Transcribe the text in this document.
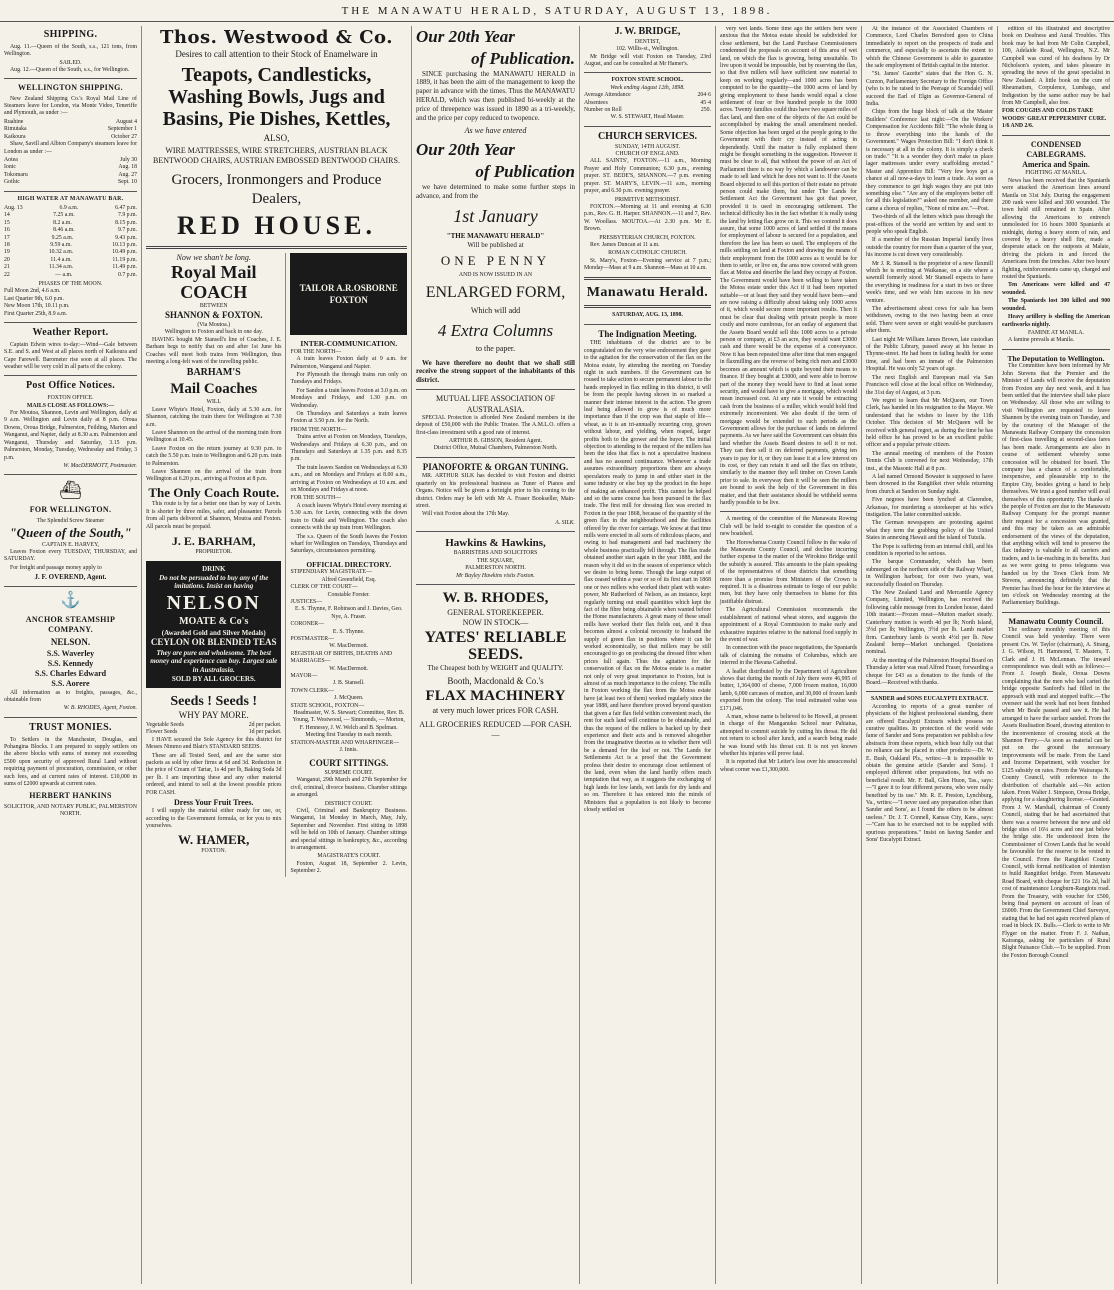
THE MANAWATU HERALD, SATURDAY, AUGUST 13, 1898.
SHIPPING.

Aug. 11.—Queen of the South, s.s., 121 tons, from Wellington.

SAILED.

Aug. 12.—Queen of the South, s.s., for Wellington.

WELLINGTON SHIPPING.

New Zealand Shipping Co.'s Royal Mail Line of Steamers leave for London, via Monte Video, Teneriffe and Plymouth, as under :—

Ruahine	August 4
Rimutaka	September 1
Kaikoura	October 27

Shaw, Savill and Albion Company's steamers leave for London as under :—

Aotea	July 30
Ionic	Aug. 18
Tokomaru	Aug. 27
Gothic	Sept. 10
HIGH WATER AT MANAWATU BAR.
Aug. 13	6.9 a.m.	6.47 p.m.
14	7.25 a.m.	7.9 p.m.
15	8.2 a.m.	8.15 p.m.
16	8.46 a.m.	9.7 p.m.
17	9.25 a.m.	9.43 p.m.
18	9.59 a.m.	10.13 p.m.
19	10.32 a.m.	10.49 p.m.
20	11.4 a.m.	11.19 p.m.
21	11.34 a.m.	11.49 p.m.
22	— a.m.	0.7 p.m.
PHASES OF THE MOON.
Full Moon 2nd, 4.6 a.m.
Last Quarter 9th, 6.0 p.m.
New Moon 17th, 10.11 p.m.
First Quarter 25th, 8.9 a.m.
Weather Report.

Captain Edwin wires to-day:—Wind—Gale between S.E. and S. and West at all places north of Kaikoura and Cape Farewell. Barometer rise soon at all places. The weather will be very cold in all parts of the colony.

Post Office Notices.
FOXTON OFFICE.
MAILS CLOSE AS FOLLOWS:—

For Moutoa, Shannon, Levin and Wellington, daily at 9 a.m. Wellington and Levin daily at 8 p.m. Oroua Downs, Oroua Bridge, Palmerston, Feilding, Marton and Wanganui, and Napier, daily at 8.30 a.m. Palmerston and Wanganui, Thursday and Saturday, 3.15 p.m. Palmerston, Monday, Tuesday, Wednesday and Friday, 3 p.m.

W. MacDERMOTT, Postmaster.
⛴
FOR WELLINGTON.
The Splendid Screw Steamer
"Queen of the South,"
CAPTAIN E. HARVEY,

Leaves Foxton every TUESDAY, THURSDAY, and SATURDAY.

For freight and passage money apply to

J. F. OVEREND, Agent.
⚓
ANCHOR STEAMSHIP COMPANY.
NELSON.
S.S. Waverley
S.S. Kennedy
S.S. Charles Edward
S.S. Aorere

All information as to freights, passages, &c., obtainable from

W. B. RHODES, Agent, Foxton.
TRUST MONIES.

To Settlers in the Manchester, Douglas, and Pohangina Blocks. I am prepared to supply settlers on the above blocks with sums of money not exceeding £500 upon security of approved Rural Land without requiring payment of procuration, commission, or other such fees, and at current rates of interest. £10,000 in sums of £2000 upwards at current rates.

HERBERT HANKINS
SOLICITOR, AND NOTARY PUBLIC, PALMERSTON NORTH.
Thos. Westwood & Co.
Desires to call attention to their Stock of Enamelware in
Teapots, Candlesticks, Washing Bowls, Jugs and Basins, Pie Dishes, Kettles,
ALSO,
WIRE MATTRESSES, WIRE STRETCHERS, AUSTRIAN BLACK BENTWOOD CHAIRS, AUSTRIAN EMBOSSED BENTWOOD CHAIRS.
Grocers, Ironmongers and Produce Dealers,
RED HOUSE.
Now we shan't be long.
Royal Mail COACH
BETWEEN
SHANNON & FOXTON.
(Via Moutoa.)
Wellington to Foxton and back in one day.

HAVING bought Mr Stansell's line of Coaches, J. E. Barham begs to notify that on and after 1st June his Coaches will meet both trains from Wellington, thus meeting a long-felt want of the travelling public.

BARHAM'S
Mail Coaches
WILL

Leave Whyte's Hotel, Foxton, daily at 5.30 a.m. for Shannon, catching the train there for Wellington at 7.30 a.m.

Leave Shannon on the arrival of the morning train from Wellington at 10.45.

Leave Foxton on the return journey at 9.30 p.m. to catch the 5.50 p.m. train to Wellington and 6.20 p.m. train to Palmerston.

Leave Shannon on the arrival of the train from Wellington at 6.20 p.m., arriving at Foxton at 8 p.m.

The Only Coach Route.

This route is by far a better one than by way of Levin. It is shorter by three miles, safer, and pleasanter. Parcels from all parts delivered at Shannon, Moutoa and Foxton. All parcels must be prepaid.

J. E. BARHAM,
PROPRIETOR.
DRINK
Do not be persuaded to buy any of the imitations. Insist on having
NELSON
MOATE & Co's
(Awarded Gold and Silver Medals)
CEYLON OR BLENDED TEAS
They are pure and wholesome. The best money and experience can buy. Largest sale in Australasia.
SOLD BY ALL GROCERS.
Seeds ! Seeds !
WHY PAY MORE.
Vegetable Seeds	2d per packet.
Flower Seeds	1d per packet.

I HAVE secured the Sole Agency for this district for Messrs Nimmo and Blair's STANDARD SEEDS.

These are all Tested Seed, and are the same size packets as sold by other firms at 6d and 3d. Reduction in the price of Cream of Tartar, 1s 4d per lb, Baking Soda 3d per lb. I am importing these and any other material ordered, and intend to sell at the lowest possible prices FOR CASH.

Dress Your Fruit Trees.

I will supply the material either ready for use, or, according to the Government formula, or for you to mix yourselves.

W. HAMER,
FOXTON.
TAILOR A.R.OSBORNE FOXTON
INTER-COMMUNICATION.
FOR THE NORTH—

A train leaves Foxton daily at 9 a.m. for Palmerston, Wanganui and Napier.

For Plymouth the through trains run only on Tuesdays and Fridays.

For Sandon a train leaves Foxton at 3.0 p.m. on Mondays and Fridays, and 1.30 p.m. on Wednesday.

On Thursdays and Saturdays a train leaves Foxton at 3.50 p.m. for the North.

FROM THE NORTH—

Trains arrive at Foxton on Mondays, Tuesdays, Wednesdays and Fridays at 6.30 p.m., and on Thursdays and Saturdays at 1.35 p.m. and 8.35 p.m.

The train leaves Sandon on Wednesdays at 6.30 a.m., and on Mondays and Fridays at 8.00 a.m., arriving at Foxton on Wednesdays at 10 a.m. and on Mondays and Fridays at noon.

FOR THE SOUTH—

A coach leaves Whyte's Hotel every morning at 5.30 a.m. for Levin, connecting with the down train to Otaki and Wellington. The coach also connects with the up train from Wellington.

The s.s. Queen of the South leaves the Foxton wharf for Wellington on Tuesdays, Thursdays and Saturdays, circumstances permitting.

OFFICIAL DIRECTORY.
STIPENDIARY MAGISTRATE—
Alfred Greenfield, Esq.
CLERK OF THE COURT—
Constable Forster.
JUSTICES—
E. S. Thynne, F. Robinson and J. Davies, Geo. Nye, A. Fraser.
CORONER—
E. S. Thynne.
POSTMASTER—
W. MacDermott.
REGISTRAR OF BIRTHS, DEATHS AND MARRIAGES—
W. MacDermott.
MAYOR—
J. B. Stansell.
TOWN CLERK—
J. McQueen.
STATE SCHOOL, FOXTON—
Headmaster, W. S. Stewart; Committee, Rev. B. Young, T. Westwood, — Simmonds, — Morton, F. Hennessy, J. W. Welch and B. Spelman. Meeting first Tuesday in each month.
STATION-MASTER AND WHARFINGER—
J. Innis.
COURT SITTINGS.
SUPREME COURT.

Wanganui, 29th March and 27th September for civil, criminal, divorce business. Chamber sittings as arranged.

DISTRICT COURT.

Civil, Criminal and Bankruptcy Business. Wanganui, 1st Monday in March, May, July, September and November. First sitting in 1898 will be held on 10th of January. Chamber sittings and special sittings in bankruptcy, &c., according to arrangement.

MAGISTRATE'S COURT.

Foxton, August 18, September 2. Levin, September 2.

Our 20th Year
of Publication.

SINCE purchasing the MANAWATU HERALD in 1889, it has been the aim of the management to keep the paper in advance with the times. Thus the MANAWATU HERALD, which was then published bi-weekly at the price of threepence was issued in 1890 as a tri-weekly, and the price per copy reduced to twopence.

As we have entered
Our 20th Year
of Publication

we have determined to make some further steps in advance, and from the

1st January
"THE MANAWATU HERALD"
Will be published at
ONE PENNY
AND IS NOW ISSUED IN AN
ENLARGED FORM,
Which will add
4 Extra Columns
to the paper.

We have therefore no doubt that we shall still receive the strong support of the inhabitants of this district.

MUTUAL LIFE ASSOCIATION OF AUSTRALASIA.

SPECIAL Protection is afforded New Zealand members in the deposit of £50,000 with the Public Trustee. The A.M.L.O. offers a first-class investment with a good rate of interest.

ARTHUR B. GIBSON, Resident Agent.
District Office, Mutual Chambers, Palmerston North.
PIANOFORTE & ORGAN TUNING.

MR. ARTHUR SILK has decided to visit Foxton and district quarterly on his professional business as Tuner of Pianos and Organs. Notice will be given a fortnight prior to his coming to the district. Orders may be left with Mr A. Fraser Bookseller, Main-street.

Will visit Foxton about the 17th May.

A. SILK.
Hawkins & Hawkins,
BARRISTERS AND SOLICITORS
THE SQUARE,
PALMERSTON NORTH.
Mr Bayley Hawkins visits Foxton.
W. B. RHODES,
GENERAL STOREKEEPER.
NOW IN STOCK—
YATES' RELIABLE SEEDS.
The Cheapest both by WEIGHT and QUALITY.
Booth, Macdonald & Co.'s
FLAX MACHINERY
at very much lower prices FOR CASH.
ALL GROCERIES REDUCED —FOR CASH.—
J. W. BRIDGE,
DENTIST,
102. Willis-st., Wellington.

Mr Bridge will visit Foxton on Tuesday, 23rd August, and can be consulted at Mr Hamer's.

FOXTON STATE SCHOOL.
Week ending August 12th, 1898.
Average Attendance	204·6
Absentees	45·4
Number on Roll	250.
W. S. STEWART, Head Master.
CHURCH SERVICES.
SUNDAY, 14TH AUGUST.
CHURCH OF ENGLAND.

ALL SAINTS', FOXTON.—11 a.m., Morning Prayer and Holy Communion; 6.30 p.m., evening prayer. ST. BEDE'S, SHANNON.—7 p.m. evening prayer. ST. MARY'S, LEVIN.—11 a.m., morning prayer, and 6.30 p.m. evening prayer.

PRIMITIVE METHODIST.

FOXTON.—Morning at 11 and evening at 6.30 p.m., Rev. G. H. Harper. SHANNON.—11 and 7, Rev. W. Woollass. MOUTOA.—At 2.30 p.m. Mr E. Brown.

PRESBYTERIAN CHURCH, FOXTON.

Rev. James Duncan at 11 a.m.

ROMAN CATHOLIC CHURCH.

St. Mary's, Foxton—Evening service at 7 p.m.; Monday—Mass at 9 a.m. Shannon—Mass at 10 a.m.

Manawatu Herald.
SATURDAY, AUG. 13, 1898.
The Indignation Meeting.

THE inhabitants of the district are to be congratulated on the very wise endorsement they gave to the agitation for the conservation of the flax on the Motoa estate, by attending the meeting on Tuesday night in such numbers. If the Government can be roused to take action to secure permanent labour to the hands employed in flax milling in this district, it will be from the people having shown in so marked a manner their intense interest in the action. The green leaf being allowed to grow is of much more importance than if the crop was that staple of life—wheat, as it is an tri-annually recurring crop, grown without labour, and yielding, when reaped, larger profits both to the grower and the buyer. The initial objection to attending to the request of the millers has been the idea that flax is not a speculative business and has no assured continuance. Whenever a trade assumes extraordinary proportions there are always speculators ready to jump in and either start in the same industry or else buy up the product in the hope of making an enhanced profit. This cannot be helped and so the same course has been pursued in the flax trade. The first mill for dressing flax was erected in Foxton in the year 1868, because of the quantity of the green flax in the neighbourhood and the facilities offered by the river for carriage. We know at that time mills were erected in all sorts of ridiculous places, and owing to bad management and bad machinery the whole business practically fell through. The flax trade obtained another start again in the year 1888, and the reason why it did so in the season of experience which we desire to bring home. Though the large output of flax ceased within a year or so of its first start in 1868 one or two millers who worked their plant with water-power, Mr Rutherford of Nelson, as an instance, kept regularly turning out small quantities which kept the fact of the fibre being obtainable when wanted before the Home manufacturers. A great many of these small mills have worked their flax fields out, and it thus becomes almost a colonial necessity to husband the supply of green flax in positions where it can be worked economically, so that millers may be still encouraged to go on producing the dressed fibre when prices fall again. Thus the agitation for the conservation of flax on the Motoa estate is a matter not only of very great importance to Foxton, but is almost of as much importance to the colony. The mills in Foxton working the flax from the Motoa estate have (at least two of them) worked regularly since the year 1888, and have therefore proved beyond question that given a fair flax field within convenient reach, the rent for such land will continue to be obtainable, and thus the request of the millers is backed up by their experience and their acts and is removed altogether from the imaginative theories as to whether there will be a demand for the leaf or not. The Lands for Settlements Act is a proof that the Government profess their desire to encourage close settlement of the land, even when the land hardly offers much temptation that way, as it suggests the exchanging of high lands for low lands, wet lands for dry lands and so on. Therefore it has entered into the minds of Ministers that a population is not likely to become closely settled on

very wet lands. Some time ago the settlers here were anxious that the Motoa estate should be subdivided for close settlement, but the Land Purchase Commissioners condemned the proposals on account of this area of wet land, on which the flax is growing, being unsuitable. To live upon it would be impossible, but by reserving the flax, so that five millers will have sufficient raw material to keep on working regularly—and 1000 acres has been computed to be the quantity—the 1000 acres of land by giving employment to these hands would equal a close settlement of four or five hundred people to the 1000 acres. Twenty families could thus have two square miles of flax land, and then one of the objects of the Act could be accomplished by making the small amendment needed. Some objection has been urged at the people going to the Government with their cry instead of acting in dependently. Until the matter is fully explained there might be thought something in the suggestion. However it must be clear to all, that without the power of an Act of Parliament there is no way by which a landowner can be made to sell land which he does not want to. If the Assets Board objected to sell this portion of their estate no private person could make them, but under The Lands for Settlement Act the Government has got that power, provided it is used in encouraging settlement. The technical difficulty lies in the fact whether it is really using the land by letting flax grow on it. This we contend it does assure, that some 1000 acres of land settled if the means for employment of labour is secured for a population, and therefore the law has been so used. The employers of the mills settling on land at Foxton and drawing the means of their employment from the 1000 acres as it would be for them to settle, or live on, the area now covered with green flax at Motoa and describe the land they occupy at Foxton. The Government would have been willing to have taken the Motoa estate under this Act if it had been reported suitable—or at least they said they would have been—and are now raising a difficulty about taking only 1000 acres of it, which would secure more important results. Then it must be clear that dealing with private people is more costly and more cumbrous, for an outlay of argument that the Assets Board would sell this 1000 acres to a private person or company, at £3 an acre, they would want £3000 cash and there would be the expense of a conveyance. Now it has been repeated time after time that men engaged in flaxmilling are the reverse of being rich men and £3000 becomes an amount which is quite beyond their means to finance. If they bought at £3000, and were able to borrow part of the money they would have to find at least some security, and would have to give a mortgage, which would mean increased cost. At any rate it would be extracting cash from the business of a miller, which would hold find extremely inconvenient. We also doubt if the term of mortgage would be extended to such periods as the Government allows for the purchase of lands on deferred payments. As we have said the Government can obtain this land whether the Assets Board desires to sell it or not. They can then sell it on deferred payments, giving ten years to pay for it, or they can lease it at a low interest on its cost, or they can retain it and sell the flax on tribute, similarly to the manner they sell timber on Crown Lands prior to sale. In everyway then it will be seen the millers are bound to seek the help of the Government in this matter, and that their assistance should be withheld seems hardly possible to be live.

A meeting of the committee of the Manawatu Rowing Club will be held to-night to consider the question of a new boatshed.

The Horowhenua County Council follow in the wake of the Manawatu County Council, and decline incurring further expense in the matter of the Wirokino Bridge until the subsidy is assured. This amounts to the plain speaking of the representatives of those districts that something more than a promise from Ministers of the Crown is required. It is a disastrous estimate to forgo of our public men, but they have only themselves to blame for this justifiable distrust.

The Agricultural Commission recommends the establishment of national wheat stores, and suggests the appointment of a Royal Commission to make early and exhaustive inquiries relative to the national food supply in the event of war.

In connection with the peace negotiations, the Spaniards talk of claiming the remains of Columbus, which are interred in the Havana Cathedral.

A leaflet distributed by the Department of Agriculture shows that during the month of July there were 46,995 of butter, 1,364,000 of cheese, 7,000 frozen mutton, 16,000 lamb, 6,000 carcases of mutton, and 30,000 of frozen lamb exported from the colony. The total estimated value was £171,046.

A man, whose name is believed to be Howell, at present in charge of the Manganuku School near Pahiatua, attempted to commit suicide by cutting his throat. He did not return to school after lunch, and a search being made he was found with his throat cut. It is not yet known whether his injuries will prove fatal.

It is reported that Mr Leiter's loss over his unsuccessful wheat corner was £1,300,000.

At the instance of the Associated Chambers of Commerce, Lord Charles Beresford goes to China immediately to report on the prospects of trade and commerce, and especially to ascertain the extent to which the Chinese Government is able to guarantee the safe employment of British capital in the interior.

"St. James' Gazette" states that the Hon G. N. Curzon, Parliamentary Secretary to the Foreign Office (who is to be raised to the Peerage of Scarsdale) will succeed the Earl of Elgin as Governor-General of India.

Chips from the huge block of talk at the Master Builders' Conference last night:—On the Workers' Compensation for Accidents Bill: "The whole thing is to throw everything into the hands of the Government." Wages Protection Bill: "I don't think it is necessary at all in the colony. It is simply a check on trade." "It is a wonder they don't make us place lager mattresses under every scaffolding erected." Master and Apprentice Bill: "Very few boys get a chance at all now-a-days to learn a trade. As soon as they commence to get high wages they are put into something else." "Are any of the employers better off for all this legislation?" asked one member, and there came a chorus of replies, "None of mine are."—Post.

Two-thirds of all the letters which pass through the post-offices of the world are written by and sent to people who speak English.

If a member of the Russian Imperial family lives outside the country for more than a quarter of the year, his income is cut down very considerably.

Mr J. R. Stansell is the proprietor of a new flaxmill which he is erecting at Waikanae, on a site where a sawmill formerly stood. Mr Stansell expects to have the everything in readiness for a start in two or three week's time, and we wish him success in his new venture.

The advertisement about cows for sale has been withdrawn, owing to the two having been at once sold. There were seven or eight would-be purchasers after them.

Last night Mr William James Brown, late custodian of the Public Library, passed away at his house in Thynne-street. He had been in failing health for some time, and had been an inmate of the Palmerston Hospital. He was only 52 years of age.

The next English and European mail via San Francisco will close at the local office on Wednesday, the 31st day of August, at 3 p.m.

We regret to learn that Mr McQueen, our Town Clerk, has handed in his resignation to the Mayor. We understand that he wishes to leave by the 11th October. This decision of Mr McQueen will be received with general regret, as during the time he has held office he has proved to be an excellent public officer and a popular private citizen.

The annual meeting of members of the Foxton Tennis Club is convened for next Wednesday, 17th inst., at the Masonic Hall at 8 p.m.

A lad named Ormond Bowater is supposed to have been drowned in the Rangitikei river while returning from church at Sandon on Sunday night.

Five negroes have been lynched at Clarendon, Arkansas, for murdering a storekeeper at his wife's instigation. The latter committed suicide.

The German newspapers are protesting against what they term the grabbing policy of the United States in annexing Hawaii and the island of Tutuila.

The Pope is suffering from an internal chill, and his condition is reported to be serious.

The barque Commander, which has been submerged on the northern side of the Railway Wharf, in Wellington harbour, for over two years, was successfully floated on Thursday.

The New Zealand Land and Mercantile Agency Company, Limited, Wellington, has received the following cable message from its London house, dated 10th instant:—Frozen meat—Mutton market steady. Canterbury mutton is worth 4d per lb; North Island, 3½d per lb; Wellington, 3½d per lb. Lamb market firm. Canterbury lamb is worth 4½d per lb. New Zealand hemp—Market unchanged. Quotations nominal.

At the meeting of the Palmerston Hospital Board on Thursday a letter was read Alfred Fraser, forwarding a cheque for £43 as a donation to the funds of the Board.—Received with thanks.

SANDER and SONS EUCALYPTI EXTRACT.

According to reports of a great number of physicians of the highest professional standing, there are offered Eucalypti Extracts which possess no curative qualities. In protection of the world wide fame of Sander and Sons preparation we publish a few abstracts from these reports, which bear fully out that no reliance can be placed in other products:—Dr. W. E. Bush, Oakland Pls., writes:—It is impossible to obtain the genuine article (Sander and Sons). I employed different other preparations, but with no beneficial result. Mr. F. Ball, Glen Huon, Tas., says:—"I gave it to four different persons, who were really benefited by its use." Mr. R. E. Preston, Lynchburg, Va., writes:—"I never used any preparation other than Sander and Sons', as I found the others to be almost useless." Dr. J. T. Connell, Kansas City, Kans., says:—"Care has to be exercised not to be supplied with spurious preparations." Insist on having Sander and Sons' Eucalypti Extract.

edition of his illustrated and descriptive book on Deafness and Aural Troubles. This book may be had from Mr Colin Campbell, 100, Adelaide Road, Wellington, N.Z. Mr Campbell was cured of his deafness by Dr Nicholson's system, and takes pleasure in spreading the news of the great specialist in New Zealand. A little book on the cure of Rheumatism, Corpulence, Lumbago, and Indigestion by the same author may be had from Mr Campbell, also free.

FOR COUGHS AND COLDS TAKE WOODS' GREAT PEPPERMINT CURE. 1/6 AND 2/6.
CONDENSED CABLEGRAMS.
America and Spain.
FIGHTING AT MANILA.

News has been received that the Spaniards were attacked the American lines around Manila on 31st July. During the engagement 200 rank were killed and 300 wounded. The town held still remained in Spain. After allowing the Americans to entrench unmolested for 16 hours 3000 Spaniards at midnight, during a heavy storm of rain, and covered by a heavy shell fire, made a desperate attack on the outposts at Malate, driving the pickets in and forced the Americans from the trenches. After two hours' fighting, reinforcements came up, charged and routed the Spaniards.

Ten Americans were killed and 47 wounded.

The Spaniards lost 300 killed and 900 wounded.

Heavy artillery is shelling the American earthworks nightly.

FAMINE AT MANILA.

A famine prevails at Manila.

The Deputation to Wellington.

The Committee have been informed by Mr John Stevens that the Premier and the Minister of Lands will receive the deputation from Foxton any day next week, and it has been settled that the interview shall take place on Wednesday. All those who are willing to visit Wellington are requested to leave Shannon by the evening train on Tuesday, and by the courtesy of the Manager of the Manawatu Railway Company the concession of first-class travelling at second-class fares has been made. Arrangements are also in course of settlement whereby some concession will be obtained for board. The company has a chance of a comfortable, inexpensive, and pleasurable trip to the Empire City, besides giving a hand to help themselves. We trust a good number will avail themselves of this opportunity. The thanks of the people of Foxton are due to the Manawatu Railway Company for the prompt manner their request for a concession was granted, and this may be taken as an admirable endorsement of the views of the deputation, that anything which will tend to preserve the flax industry is valuable to all carriers and traders, and is far-reaching in its benefits. Just as we were going to press telegrams was handed us by the Town Clerk from Mr Stevens, announcing definitely that the Premier has fixed the hour for the interview at ten o'clock on Wednesday morning at the Parliamentary Buildings.

Manawatu County Council.

The ordinary monthly meeting of this Council was held yesterday. There were present Crs. W. Taylor (chairman), A. Strang, J. G. Wilson, H. Hammond, T. Masters, T. Clark and J. H. McLennan. The inward correspondence was dealt with as follows:— From J. Joseph Beale, Oroua Downs complaining that the men who had carted the bridge opposite Sanford's had filled in the approach with mud and stopped traffic.—The overseer said the work had not been finished when Mr Beale passed and saw it. He had arranged to have the surface sanded. From the Assets Realisation Board, drawing attention to the inconvenience of crossing stock at the Shannon Ferry.—As soon as material can be put on the ground the necessary improvements will be made. From the Land and Income Department, with voucher for £125 subsidy on rates. From the Wairarapa N. County Council, with reference to the distribution of charitable aid.—No action taken. From Walter J. Simpson, Oroua Bridge, applying for a slaughtering license.—Granted. From J. W. Marshall, chairman of County Council, stating that he had ascertained that there was a reserve between the new and old bridge sites of 16¼ acres and one just below the bridge site. He understood from the Commissioner of Crown Lands that he would be favourable for the reserve to be vested in the Council. From the Rangitikei County Council, with formal notification of intention to build Rangitikei bridge. From Manawatu Road Board, with cheque for £21 16s 2d, half cost of maintenance Longburn-Rangiotu road. From the Treasury, with voucher for £500, being final payment on account of loan of £6000. From the Government Chief Surveyor, stating that he had not again received plans of road in block IX. Bulls.—Clerk to write to Mr Flyger on the matter. From F. J. Nathan, Kairanga, asking for particulars of Rural Blight Nuisance Club.—To be supplied. From the Foxton Borough Council
